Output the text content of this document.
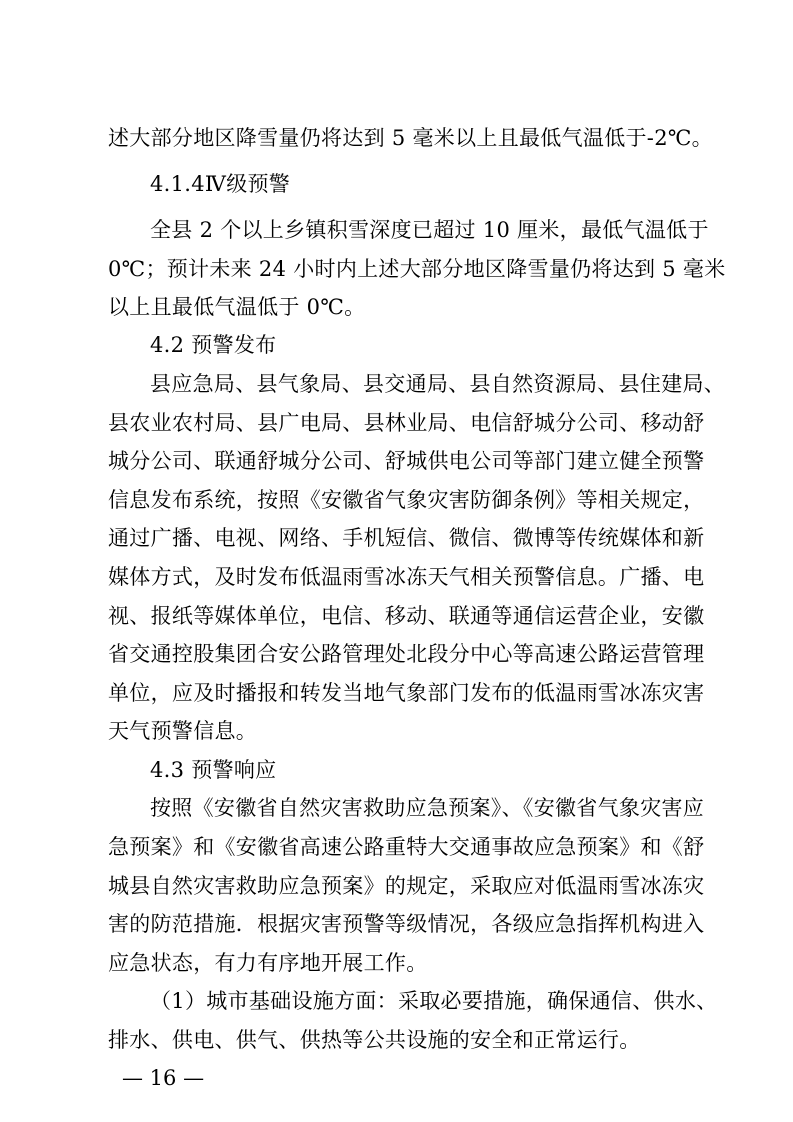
述大部分地区降雪量仍将达到 5 毫米以上且最低气温低于-2℃。
4.1.4Ⅳ级预警
全县 2 个以上乡镇积雪深度已超过 10 厘米，最低气温低于
0℃；预计未来 24 小时内上述大部分地区降雪量仍将达到 5 毫米
以上且最低气温低于 0℃。
4.2 预警发布
县应急局、县气象局、县交通局、县自然资源局、县住建局、
县农业农村局、县广电局、县林业局、电信舒城分公司、移动舒
城分公司、联通舒城分公司、舒城供电公司等部门建立健全预警
信息发布系统，按照《安徽省气象灾害防御条例》等相关规定，
通过广播、电视、网络、手机短信、微信、微博等传统媒体和新
媒体方式，及时发布低温雨雪冰冻天气相关预警信息。广播、电
视、报纸等媒体单位，电信、移动、联通等通信运营企业，安徽
省交通控股集团合安公路管理处北段分中心等高速公路运营管理
单位，应及时播报和转发当地气象部门发布的低温雨雪冰冻灾害
天气预警信息。
4.3 预警响应
按照《安徽省自然灾害救助应急预案》、《安徽省气象灾害应
急预案》和《安徽省高速公路重特大交通事故应急预案》和《舒
城县自然灾害救助应急预案》的规定，采取应对低温雨雪冰冻灾
害的防范措施．根据灾害预警等级情况，各级应急指挥机构进入
应急状态，有力有序地开展工作。
（1）城市基础设施方面：采取必要措施，确保通信、供水、
排水、供电、供气、供热等公共设施的安全和正常运行。
— 16 —
